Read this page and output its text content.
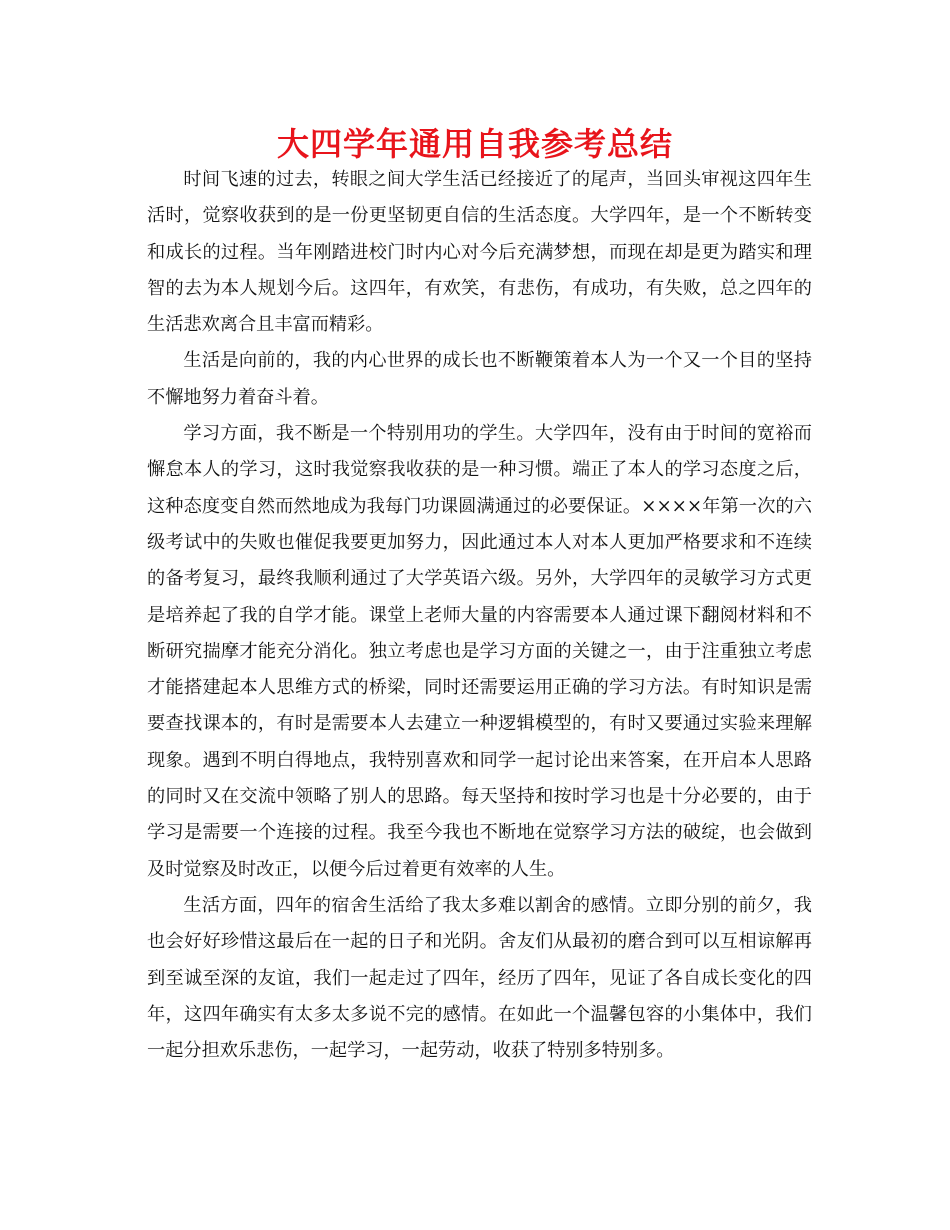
大四学年通用自我参考总结

时间飞速的过去，转眼之间大学生活已经接近了的尾声，当回头审视这四年生活时，觉察收获到的是一份更坚韧更自信的生活态度。大学四年，是一个不断转变和成长的过程。当年刚踏进校门时内心对今后充满梦想，而现在却是更为踏实和理智的去为本人规划今后。这四年，有欢笑，有悲伤，有成功，有失败，总之四年的生活悲欢离合且丰富而精彩。

生活是向前的，我的内心世界的成长也不断鞭策着本人为一个又一个目的坚持不懈地努力着奋斗着。

学习方面，我不断是一个特别用功的学生。大学四年，没有由于时间的宽裕而懈怠本人的学习，这时我觉察我收获的是一种习惯。端正了本人的学习态度之后，这种态度变自然而然地成为我每门功课圆满通过的必要保证。××××年第一次的六级考试中的失败也催促我要更加努力，因此通过本人对本人更加严格要求和不连续的备考复习，最终我顺利通过了大学英语六级。另外，大学四年的灵敏学习方式更是培养起了我的自学才能。课堂上老师大量的内容需要本人通过课下翻阅材料和不断研究揣摩才能充分消化。独立考虑也是学习方面的关键之一，由于注重独立考虑才能搭建起本人思维方式的桥梁，同时还需要运用正确的学习方法。有时知识是需要查找课本的，有时是需要本人去建立一种逻辑模型的，有时又要通过实验来理解现象。遇到不明白得地点，我特别喜欢和同学一起讨论出来答案，在开启本人思路的同时又在交流中领略了别人的思路。每天坚持和按时学习也是十分必要的，由于学习是需要一个连接的过程。我至今我也不断地在觉察学习方法的破绽，也会做到及时觉察及时改正，以便今后过着更有效率的人生。

生活方面，四年的宿舍生活给了我太多难以割舍的感情。立即分别的前夕，我也会好好珍惜这最后在一起的日子和光阴。舍友们从最初的磨合到可以互相谅解再到至诚至深的友谊，我们一起走过了四年，经历了四年，见证了各自成长变化的四年，这四年确实有太多太多说不完的感情。在如此一个温馨包容的小集体中，我们一起分担欢乐悲伤，一起学习，一起劳动，收获了特别多特别多。
